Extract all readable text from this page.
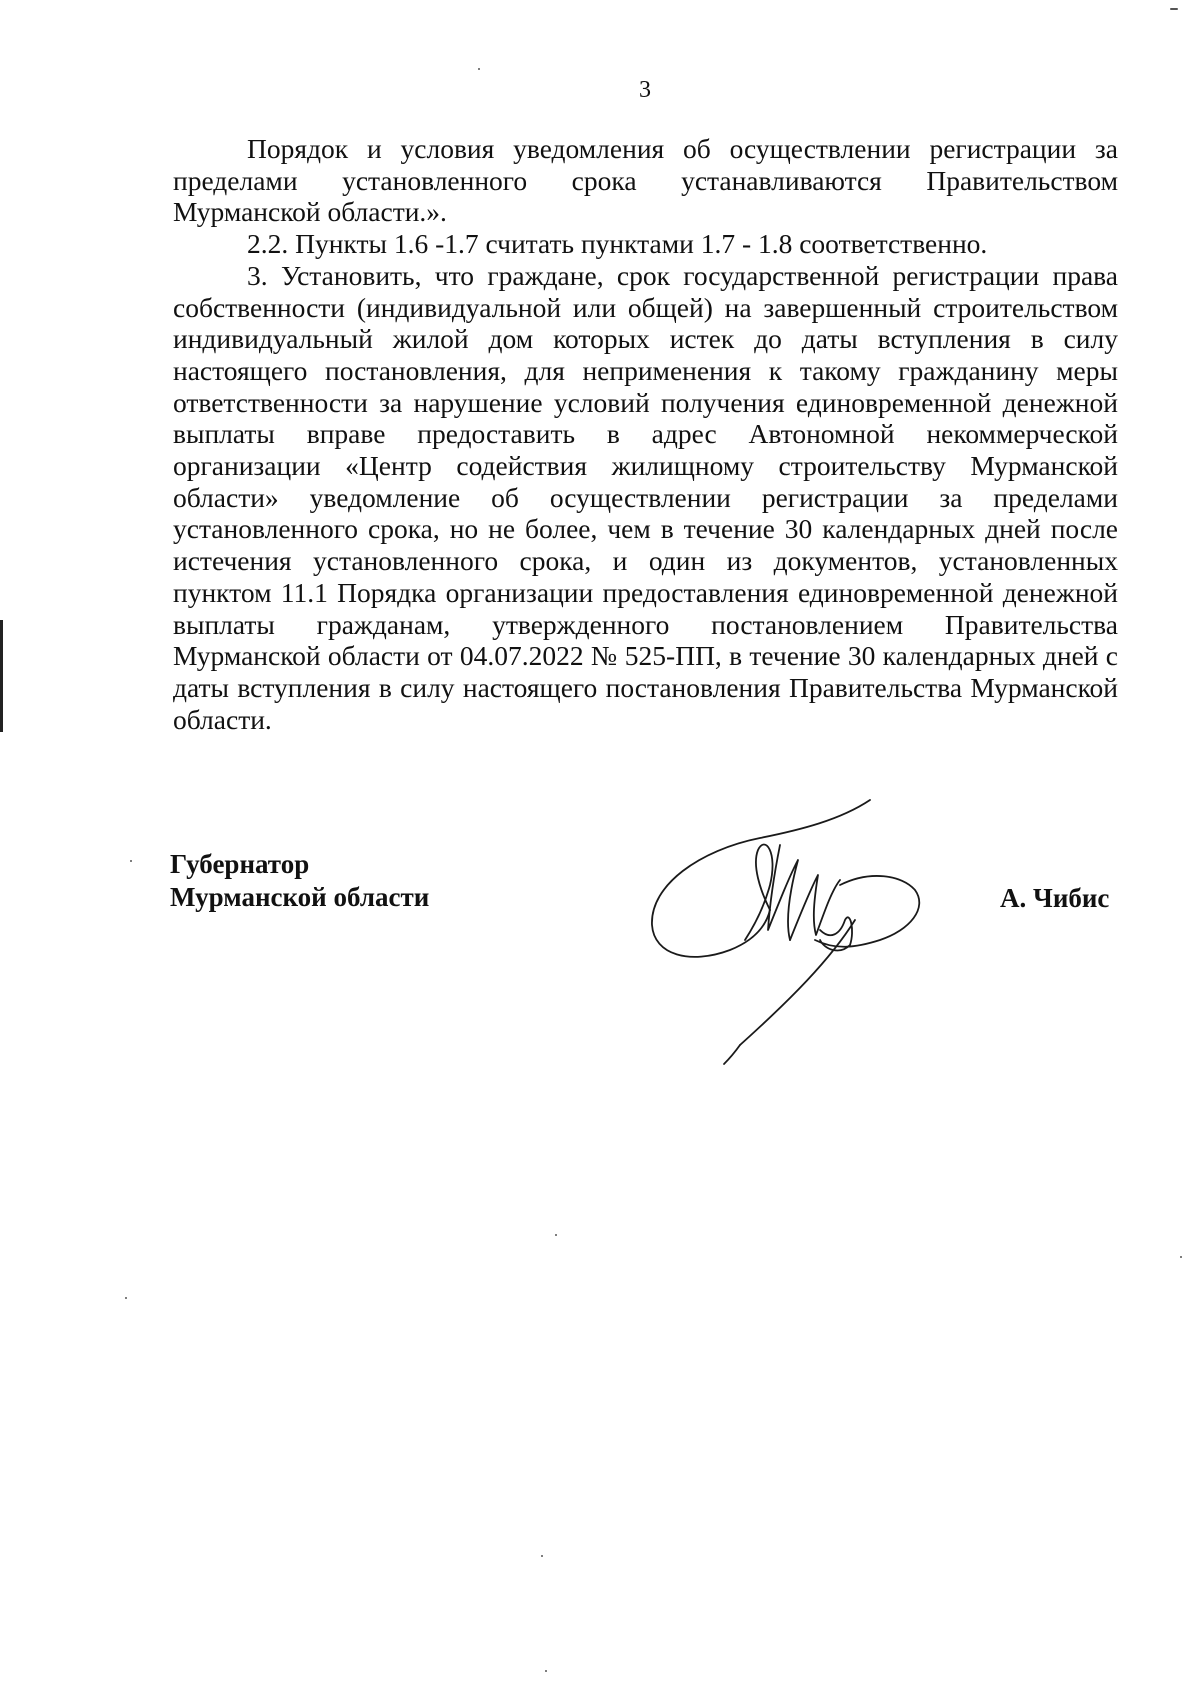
3

Порядок и условия уведомления об осуществлении регистрации за пределами установленного срока устанавливаются Правительством Мурманской области.».

2.2. Пункты 1.6 -1.7 считать пунктами 1.7 - 1.8 соответственно.

3. Установить, что граждане, срок государственной регистрации права собственности (индивидуальной или общей) на завершенный строительством индивидуальный жилой дом которых истек до даты вступления в силу настоящего постановления, для неприменения к такому гражданину меры ответственности за нарушение условий получения единовременной денежной выплаты вправе предоставить в адрес Автономной некоммерческой организации «Центр содействия жилищному строительству Мурманской области» уведомление об осуществлении регистрации за пределами установленного срока, но не более, чем в течение 30 календарных дней после истечения установленного срока, и один из документов, установленных пунктом 11.1 Порядка организации предоставления единовременной денежной выплаты гражданам, утвержденного постановлением Правительства Мурманской области от 04.07.2022 № 525-ПП, в течение 30 календарных дней с даты вступления в силу настоящего постановления Правительства Мурманской области.

Губернатор
Мурманской области	А. Чибис
